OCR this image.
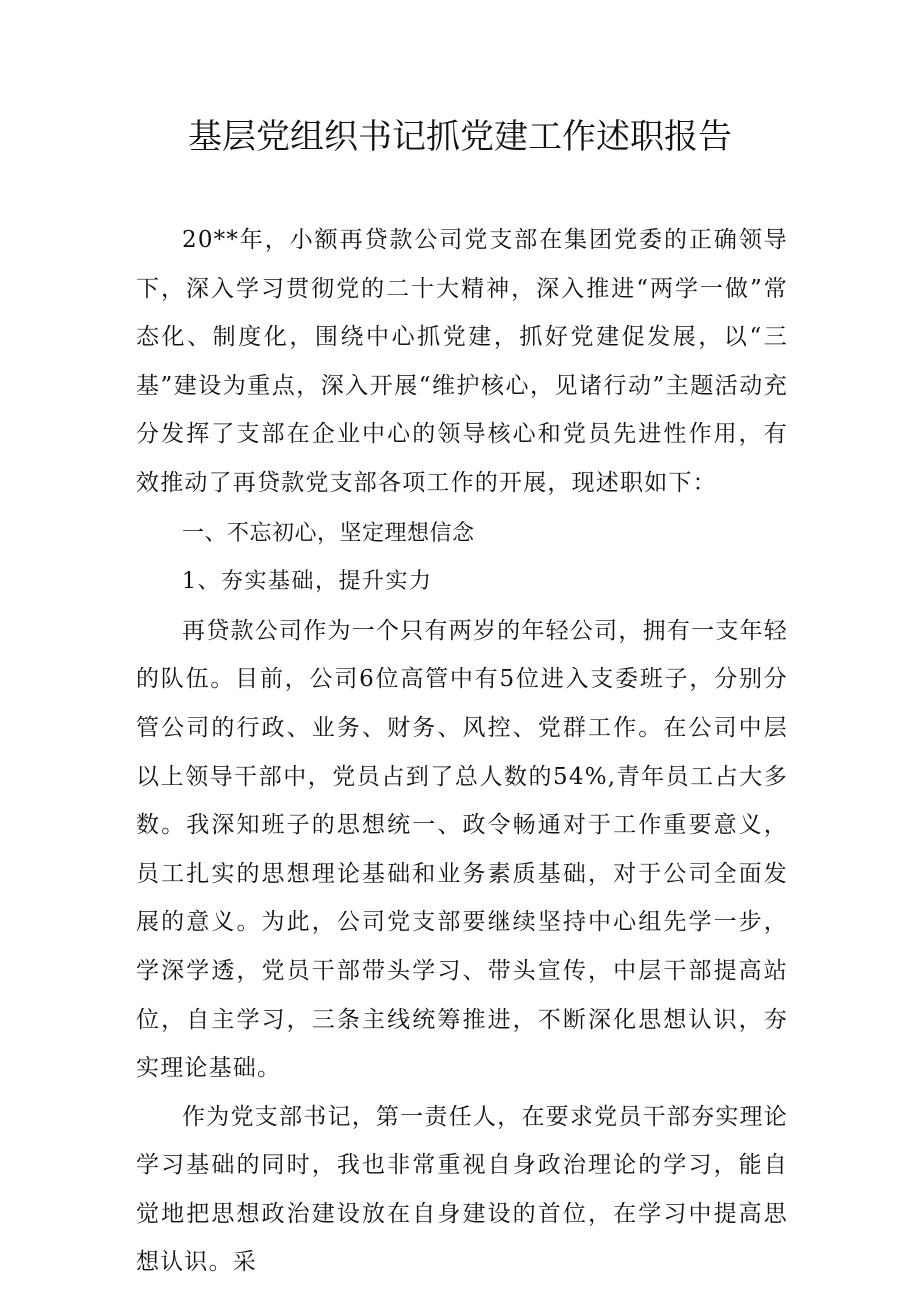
基层党组织书记抓党建工作述职报告

20**年，小额再贷款公司党支部在集团党委的正确领导下，深入学习贯彻党的二十大精神，深入推进“两学一做”常态化、制度化，围绕中心抓党建，抓好党建促发展，以“三基”建设为重点，深入开展“维护核心，见诸行动”主题活动充分发挥了支部在企业中心的领导核心和党员先进性作用，有效推动了再贷款党支部各项工作的开展，现述职如下：

一、不忘初心，坚定理想信念

1、夯实基础，提升实力

再贷款公司作为一个只有两岁的年轻公司，拥有一支年轻的队伍。目前，公司6位高管中有5位进入支委班子，分别分管公司的行政、业务、财务、风控、党群工作。在公司中层以上领导干部中，党员占到了总人数的54%,青年员工占大多数。我深知班子的思想统一、政令畅通对于工作重要意义，员工扎实的思想理论基础和业务素质基础，对于公司全面发展的意义。为此，公司党支部要继续坚持中心组先学一步，学深学透，党员干部带头学习、带头宣传，中层干部提高站位，自主学习，三条主线统筹推进，不断深化思想认识，夯实理论基础。

作为党支部书记，第一责任人，在要求党员干部夯实理论学习基础的同时，我也非常重视自身政治理论的学习，能自觉地把思想政治建设放在自身建设的首位，在学习中提高思想认识。采
